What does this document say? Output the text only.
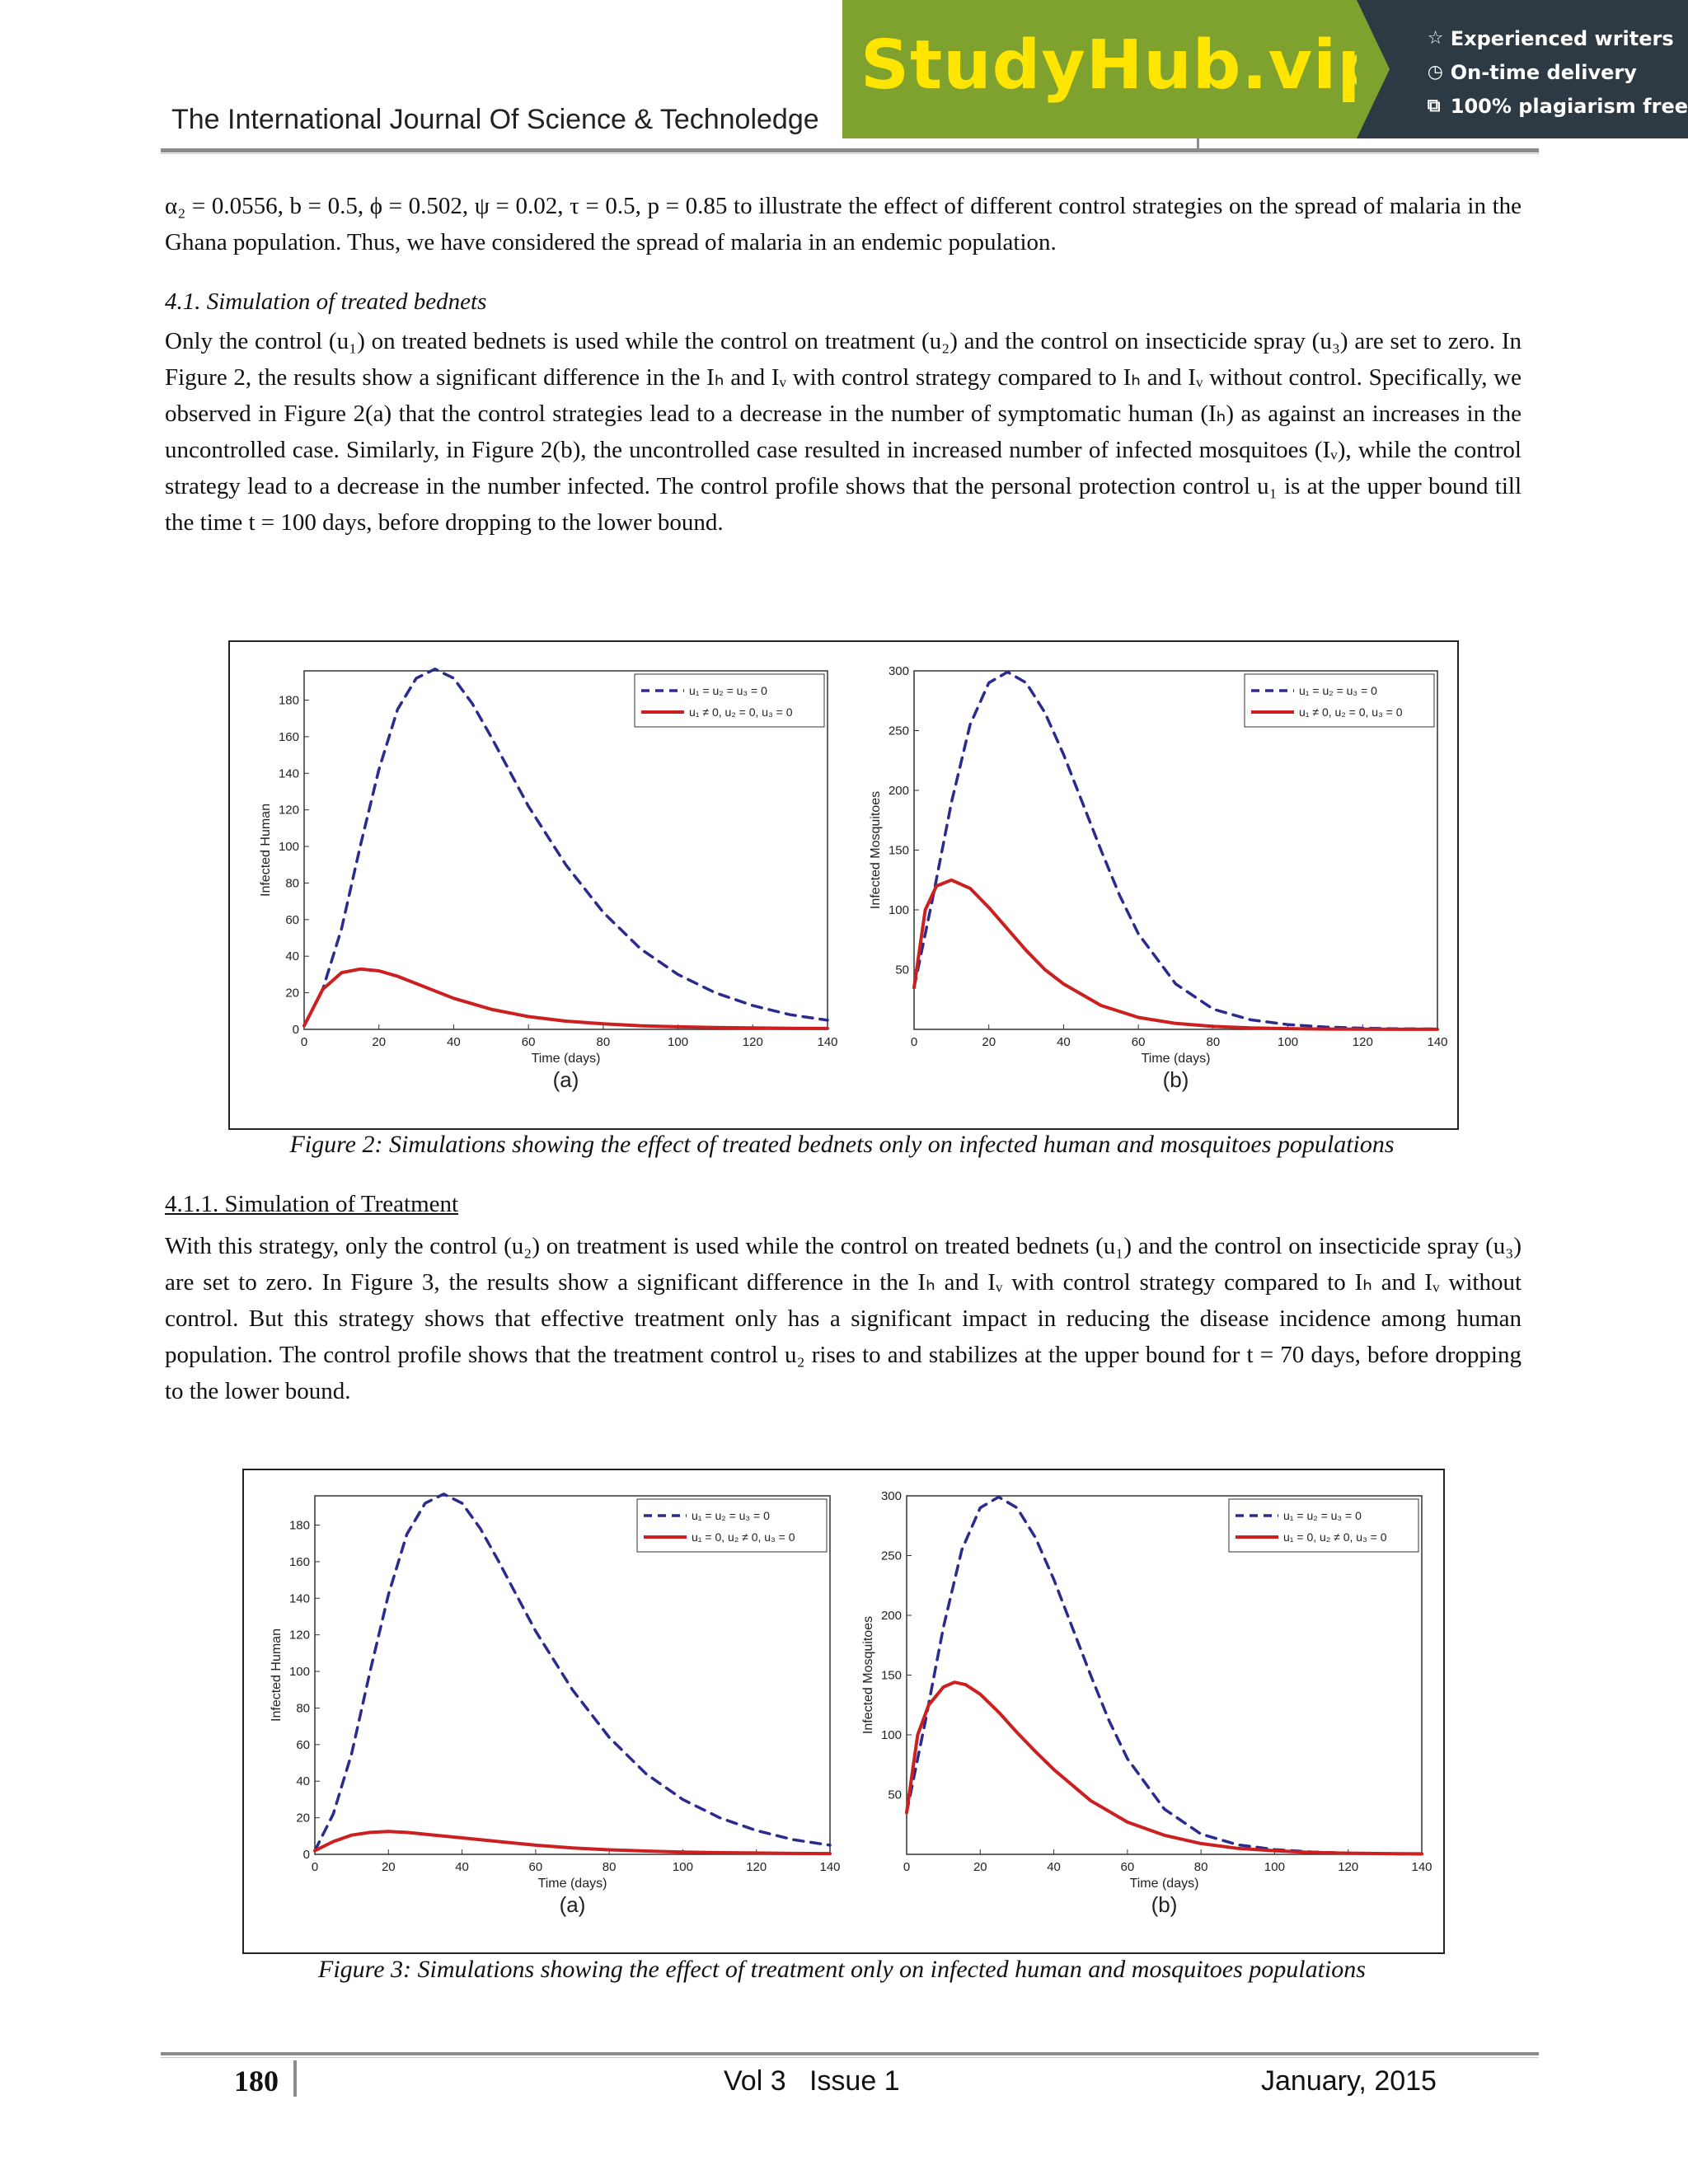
The International Journal Of Science & Technoledge
StudyHub.vip ☆ Experienced writers
◷ On-time delivery
⧉ 100% plagiarism free
α₂ = 0.0556, b = 0.5, ϕ = 0.502, ψ = 0.02, τ = 0.5, p = 0.85 to illustrate the effect of different control strategies on the spread of malaria in the Ghana population. Thus, we have considered the spread of malaria in an endemic population.
4.1. Simulation of treated bednets
Only the control (u₁) on treated bednets is used while the control on treatment (u₂) and the control on insecticide spray (u₃) are set to zero. In Figure 2, the results show a significant difference in the Iₕ and Iᵥ with control strategy compared to Iₕ and Iᵥ without control. Specifically, we observed in Figure 2(a) that the control strategies lead to a decrease in the number of symptomatic human (Iₕ) as against an increases in the uncontrolled case. Similarly, in Figure 2(b), the uncontrolled case resulted in increased number of infected mosquitoes (Iᵥ), while the control strategy lead to a decrease in the number infected. The control profile shows that the personal protection control u₁ is at the upper bound till the time t = 100 days, before dropping to the lower bound.
0	20	40	60	80	100	120	140
0
20
40
60
80
100
120
140
160
180
Time (days)
Infected Human
u₁ = u₂ = u₃ = 0
u₁ ≠ 0, u₂ = 0, u₃ = 0
(a)
0	20	40	60	80	100	120	140
50
100
150
200
250
300
Time (days)
Infected Mosquitoes
u₁ = u₂ = u₃ = 0
u₁ ≠ 0, u₂ = 0, u₃ = 0
(b)
Figure 2: Simulations showing the effect of treated bednets only on infected human and mosquitoes populations
4.1.1. Simulation of Treatment
With this strategy, only the control (u₂) on treatment is used while the control on treated bednets (u₁) and the control on insecticide spray (u₃) are set to zero. In Figure 3, the results show a significant difference in the Iₕ and Iᵥ with control strategy compared to Iₕ and Iᵥ without control. But this strategy shows that effective treatment only has a significant impact in reducing the disease incidence among human population. The control profile shows that the treatment control u₂ rises to and stabilizes at the upper bound for t = 70 days, before dropping to the lower bound.
0	20	40	60	80	100	120	140
0
20
40
60
80
100
120
140
160
180
Time (days)
Infected Human
u₁ = u₂ = u₃ = 0
u₁ = 0, u₂ ≠ 0, u₃ = 0
(a)
0	20	40	60	80	100	120	140
50
100
150
200
250
300
Time (days)
Infected Mosquitoes
u₁ = u₂ = u₃ = 0
u₁ = 0, u₂ ≠ 0, u₃ = 0
(b)
Figure 3: Simulations showing the effect of treatment only on infected human and mosquitoes populations
180	Vol 3   Issue 1	January, 2015
